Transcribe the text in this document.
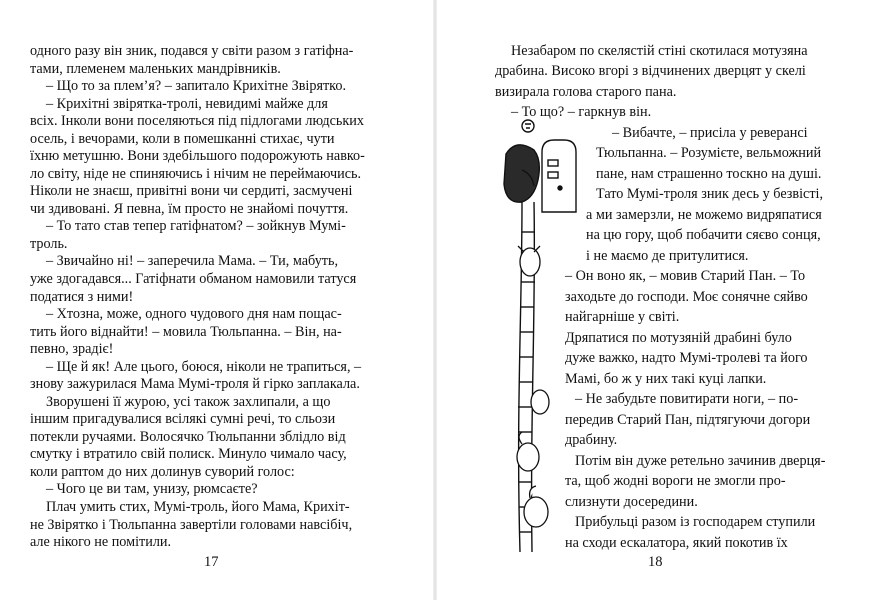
одного разу він зник, подався у світи разом з гатіфна-
тами, племенем маленьких мандрівників.
– Що то за плем’я? – запитало Крихітне Звірятко.
– Крихітні звірятка-тролі, невидимі майже для
всіх. Інколи вони поселяються під підлогами людських
осель, і вечорами, коли в помешканні стихає, чути
їхню метушню. Вони здебільшого подорожують навко-
ло світу, ніде не спиняючись і нічим не переймаючись.
Ніколи не знаєш, привітні вони чи сердиті, засмучені
чи здивовані. Я певна, їм просто не знайомі почуття.
– То тато став тепер гатіфнатом? – зойкнув Мумі-
троль.
– Звичайно ні! – заперечила Мама. – Ти, мабуть,
уже здогадався... Гатіфнати обманом намовили татуся
податися з ними!
– Хтозна, може, одного чудового дня нам пощас-
тить його віднайти! – мовила Тюльпанна. – Він, на-
певно, зрадіє!
– Ще й як! Але цього, боюся, ніколи не трапиться, –
знову зажурилася Мама Мумі-троля й гірко заплакала.
Зворушені її журою, усі також захлипали, а що
іншим пригадувалися всілякі сумні речі, то сльози
потекли ручаями. Волосячко Тюльпанни зблідло від
смутку і втратило свій полиск. Минуло чимало часу,
коли раптом до них долинув суворий голос:
17
– Чого це ви там, унизу, рюмсаєте?
Плач умить стих, Мумі-троль, його Мама, Крихіт-
не Звірятко і Тюльпанна завертіли головами навсібіч,
але нікого не помітили.
18
Незабаром по скелястій стіні скотилася мотузяна
драбина. Високо вгорі з відчинених дверцят у скелі
визирала голова старого пана.
– То що? – гаркнув він.
– Вибачте, – присіла у реверансі
Тюльпанна. – Розумієте, вельможний
пане, нам страшенно тоскно на душі.
Тато Мумі-троля зник десь у безвісті,
а ми замерзли, не можемо видряпатися
на цю гору, щоб побачити сяєво сонця,
і не маємо де притулитися.
– Он воно як, – мовив Старий Пан. – То
заходьте до господи. Моє сонячне сяйво
найгарніше у світі.
Дряпатися по мотузяній драбині було
дуже важко, надто Мумі-тролеві та його
Мамі, бо ж у них такі куці лапки.
– Не забудьте повитирати ноги, – по-
передив Старий Пан, підтягуючи догори
драбину.
Потім він дуже ретельно зачинив дверця-
та, щоб жодні вороги не змогли про-
слизнути досередини.
Прибульці разом із господарем ступили
на сходи ескалатора, який покотив їх
